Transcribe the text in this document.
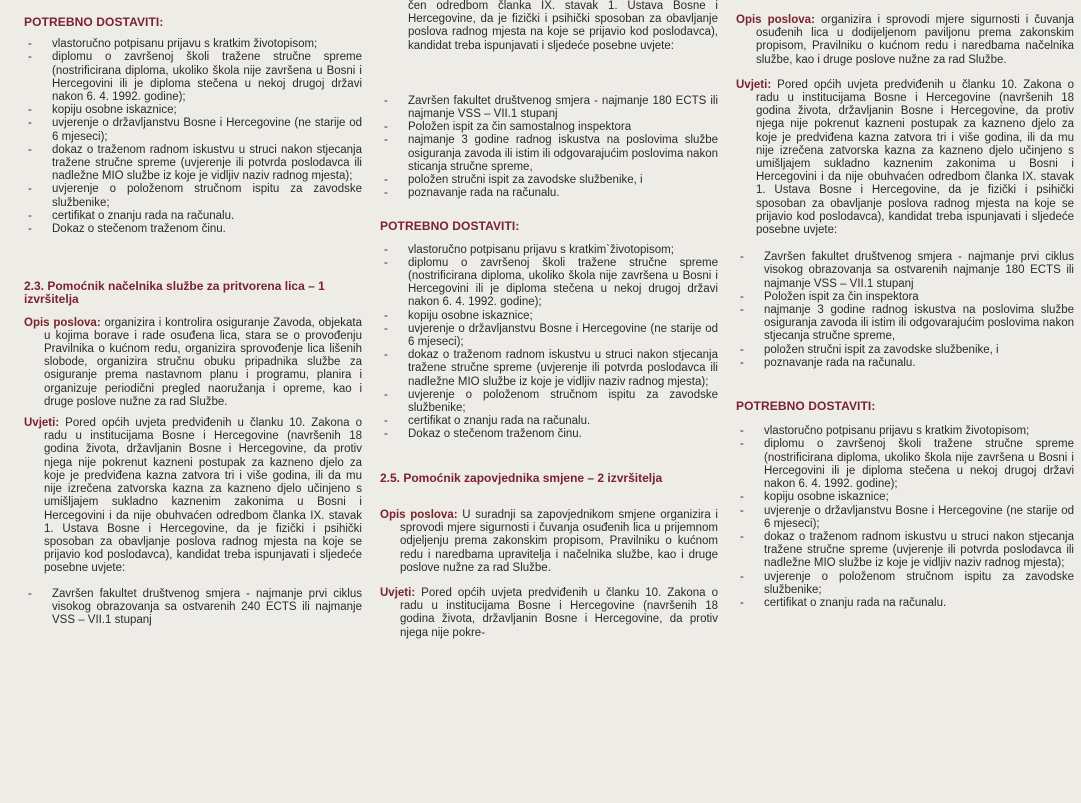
POTREBNO DOSTAVITI:

- vlastoručno potpisanu prijavu s kratkim životopisom;
- diplomu o završenoj školi tražene stručne spreme (nostrificirana diploma, ukoliko škola nije završena u Bosni i Hercegovini ili je diploma stečena u nekoj drugoj državi nakon 6. 4. 1992. godine);
- kopiju osobne iskaznice;
- uvjerenje o državljanstvu Bosne i Hercegovine (ne starije od 6 mjeseci);
- dokaz o traženom radnom iskustvu u struci nakon stjecanja tražene stručne spreme (uvjerenje ili potvrda poslodavca ili nadležne MIO službe iz koje je vidljiv naziv radnog mjesta);
- uvjerenje o položenom stručnom ispitu za zavodske službenike;
- certifikat o znanju rada na računalu.
- Dokaz o stečenom traženom činu.

2.3. Pomoćnik načelnika službe za pritvorena lica – 1 izvršitelja

Opis poslova: organizira i kontrolira osiguranje Zavoda, objekata u kojima borave i rade osuđena lica, stara se o provođenju Pravilnika o kućnom redu, organizira sprovođenje lica lišenih slobode, organizira stručnu obuku pripadnika službe za osiguranje prema nastavnom planu i programu, planira i organizuje periodični pregled naoružanja i opreme, kao i druge poslove nužne za rad Službe.

Uvjeti: Pored općih uvjeta predviđenih u članku 10. Zakona o radu u institucijama Bosne i Hercegovine (navršenih 18 godina života, državljanin Bosne i Hercegovine, da protiv njega nije pokrenut kazneni postupak za kazneno djelo za koje je predviđena kazna zatvora tri i više godina, ili da mu nije izrečena zatvorska kazna za kazneno djelo učinjeno s umišljajem sukladno kaznenim zakonima u Bosni i Hercegovini i da nije obuhvaćen odredbom članka IX. stavak 1. Ustava Bosne i Hercegovine, da je fizički i psihički sposoban za obavljanje poslova radnog mjesta na koje se prijavio kod poslodavca), kandidat treba ispunjavati i sljedeće posebne uvjete:

- Završen fakultet društvenog smjera - najmanje prvi ciklus visokog obrazovanja sa ostvarenih 240 ECTS ili najmanje VSS – VII.1 stupanj

čen odredbom članka IX. stavak 1. Ustava Bosne i Hercegovine, da je fizički i psihički sposoban za obavljanje poslova radnog mjesta na koje se prijavio kod poslodavca), kandidat treba ispunjavati i sljedeće posebne uvjete:

- Završen fakultet društvenog smjera - najmanje 180 ECTS ili najmanje VSS – VII.1 stupanj
- Položen ispit za čin samostalnog inspektora
- najmanje 3 godine radnog iskustva na poslovima službe osiguranja zavoda ili istim ili odgovarajućim poslovima nakon sticanja stručne spreme,
- položen stručni ispit za zavodske službenike, i
- poznavanje rada na računalu.

POTREBNO DOSTAVITI:

- vlastoručno potpisanu prijavu s kratkim`životopisom;
- diplomu o završenoj školi tražene stručne spreme (nostrificirana diploma, ukoliko škola nije završena u Bosni i Hercegovini ili je diploma stečena u nekoj drugoj državi nakon 6. 4. 1992. godine);
- kopiju osobne iskaznice;
- uvjerenje o državljanstvu Bosne i Hercegovine (ne starije od 6 mjeseci);
- dokaz o traženom radnom iskustvu u struci nakon stjecanja tražene stručne spreme (uvjerenje ili potvrda poslodavca ili nadležne MIO službe iz koje je vidljiv naziv radnog mjesta);
- uvjerenje o položenom stručnom ispitu za zavodske službenike;
- certifikat o znanju rada na računalu.
- Dokaz o stečenom traženom činu.

2.5. Pomoćnik zapovjednika smjene – 2 izvršitelja

Opis poslova: U suradnji sa zapovjednikom smjene organizira i sprovodi mjere sigurnosti i čuvanja osuđenih lica u prijemnom odjeljenju prema zakonskim propisom, Pravilniku o kućnom redu i naredbama upravitelja i načelnika službe, kao i druge poslove nužne za rad Službe.

Uvjeti: Pored općih uvjeta predviđenih u članku 10. Zakona o radu u institucijama Bosne i Hercegovine (navršenih 18 godina života, državljanin Bosne i Hercegovine, da protiv njega nije pokre-

Opis poslova: organizira i sprovodi mjere sigurnosti i čuvanja osuđenih lica u dodijeljenom paviljonu prema zakonskim propisom, Pravilniku o kućnom redu i naredbama načelnika službe, kao i druge poslove nužne za rad Službe.

Uvjeti: Pored općih uvjeta predviđenih u članku 10. Zakona o radu u institucijama Bosne i Hercegovine (navršenih 18 godina života, državljanin Bosne i Hercegovine, da protiv njega nije pokrenut kazneni postupak za kazneno djelo za koje je predviđena kazna zatvora tri i više godina, ili da mu nije izrečena zatvorska kazna za kazneno djelo učinjeno s umišljajem sukladno kaznenim zakonima u Bosni i Hercegovini i da nije obuhvaćen odredbom članka IX. stavak 1. Ustava Bosne i Hercegovine, da je fizički i psihički sposoban za obavljanje poslova radnog mjesta na koje se prijavio kod poslodavca), kandidat treba ispunjavati i sljedeće posebne uvjete:

- Završen fakultet društvenog smjera - najmanje prvi ciklus visokog obrazovanja sa ostvarenih najmanje 180 ECTS ili najmanje VSS – VII.1 stupanj
- Položen ispit za čin inspektora
- najmanje 3 godine radnog iskustva na poslovima službe osiguranja zavoda ili istim ili odgovarajućim poslovima nakon stjecanja stručne spreme,
- položen stručni ispit za zavodske službenike, i
- poznavanje rada na računalu.

POTREBNO DOSTAVITI:

- vlastoručno potpisanu prijavu s kratkim životopisom;
- diplomu o završenoj školi tražene stručne spreme (nostrificirana diploma, ukoliko škola nije završena u Bosni i Hercegovini ili je diploma stečena u nekoj drugoj državi nakon 6. 4. 1992. godine);
- kopiju osobne iskaznice;
- uvjerenje o državljanstvu Bosne i Hercegovine (ne starije od 6 mjeseci);
- dokaz o traženom radnom iskustvu u struci nakon stjecanja tražene stručne spreme (uvjerenje ili potvrda poslodavca ili nadležne MIO službe iz koje je vidljiv naziv radnog mjesta);
- uvjerenje o položenom stručnom ispitu za zavodske službenike;
- certifikat o znanju rada na računalu.
